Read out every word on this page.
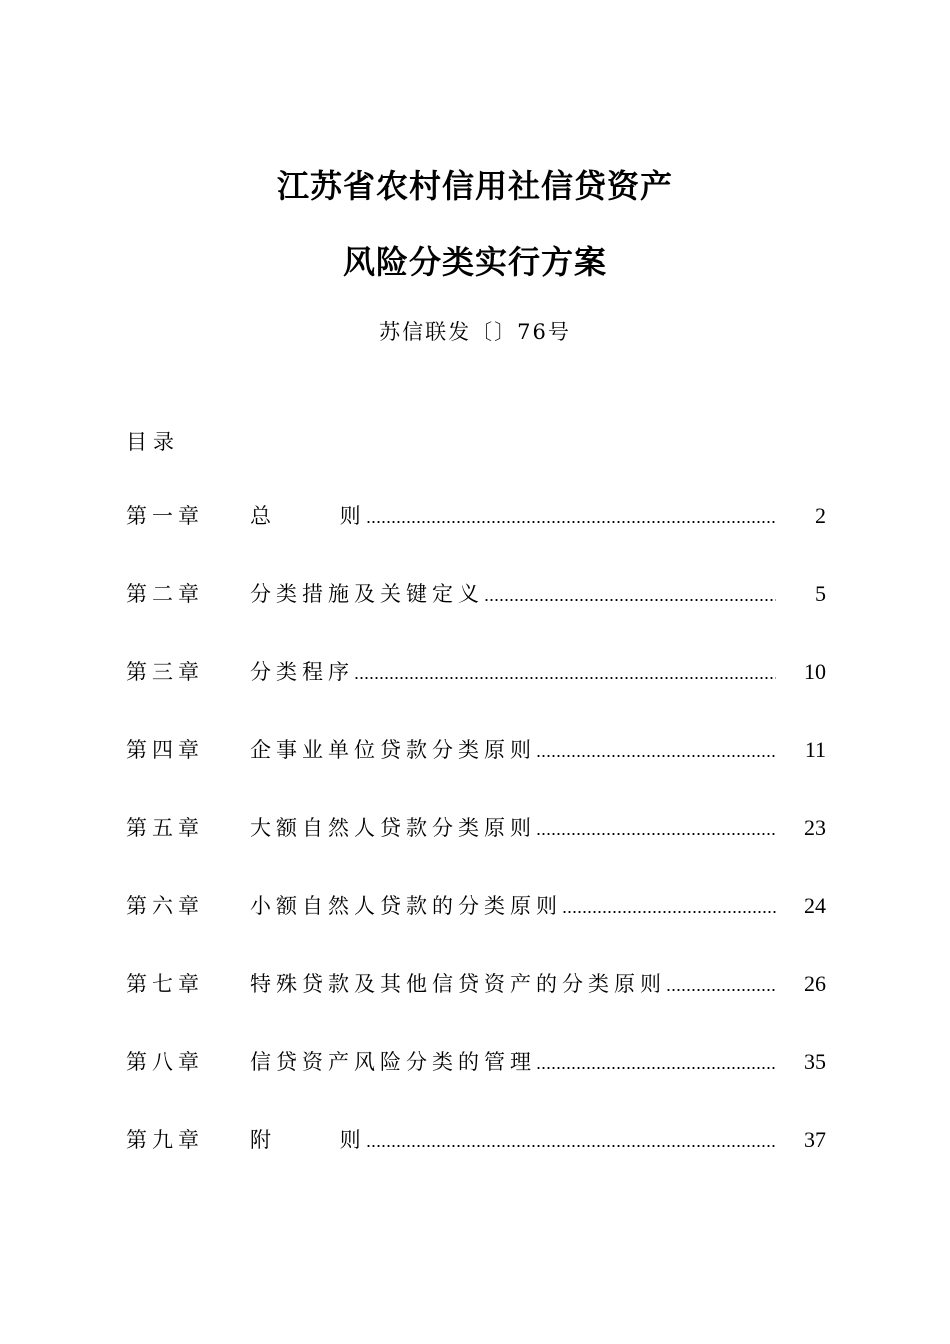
江苏省农村信用社信贷资产
风险分类实行方案
苏信联发〔〕76号
目录
第一章 总　　 则	2
第二章 分类措施及关键定义	5
第三章 分类程序	10
第四章 企事业单位贷款分类原则	11
第五章 大额自然人贷款分类原则	23
第六章 小额自然人贷款的分类原则	24
第七章 特殊贷款及其他信贷资产的分类原则	26
第八章 信贷资产风险分类的管理	35
第九章 附　　 则	37
